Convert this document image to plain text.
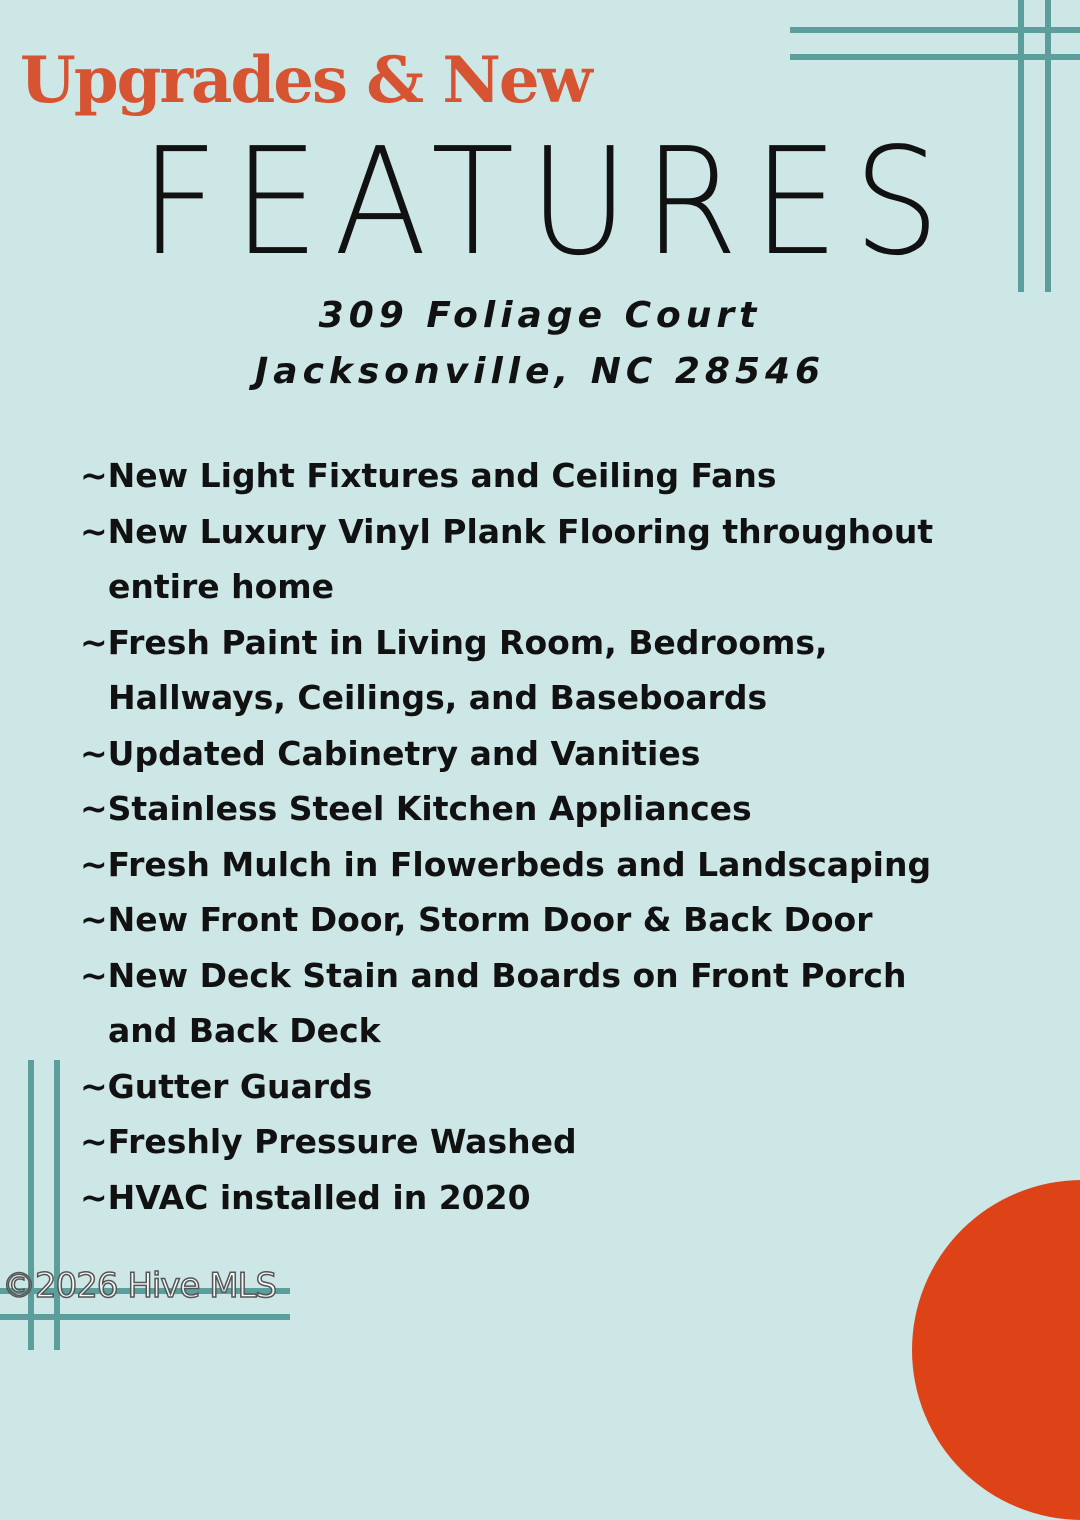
Upgrades & New
FEATURES
309 Foliage Court
Jacksonville, NC 28546
~New Light Fixtures and Ceiling Fans
~New Luxury Vinyl Plank Flooring throughout
entire home
~Fresh Paint in Living Room, Bedrooms,
Hallways, Ceilings, and Baseboards
~Updated Cabinetry and Vanities
~Stainless Steel Kitchen Appliances
~Fresh Mulch in Flowerbeds and Landscaping
~New Front Door, Storm Door & Back Door
~New Deck Stain and Boards on Front Porch
and Back Deck
~Gutter Guards
~Freshly Pressure Washed
~HVAC installed in 2020
©2026 Hive MLS
